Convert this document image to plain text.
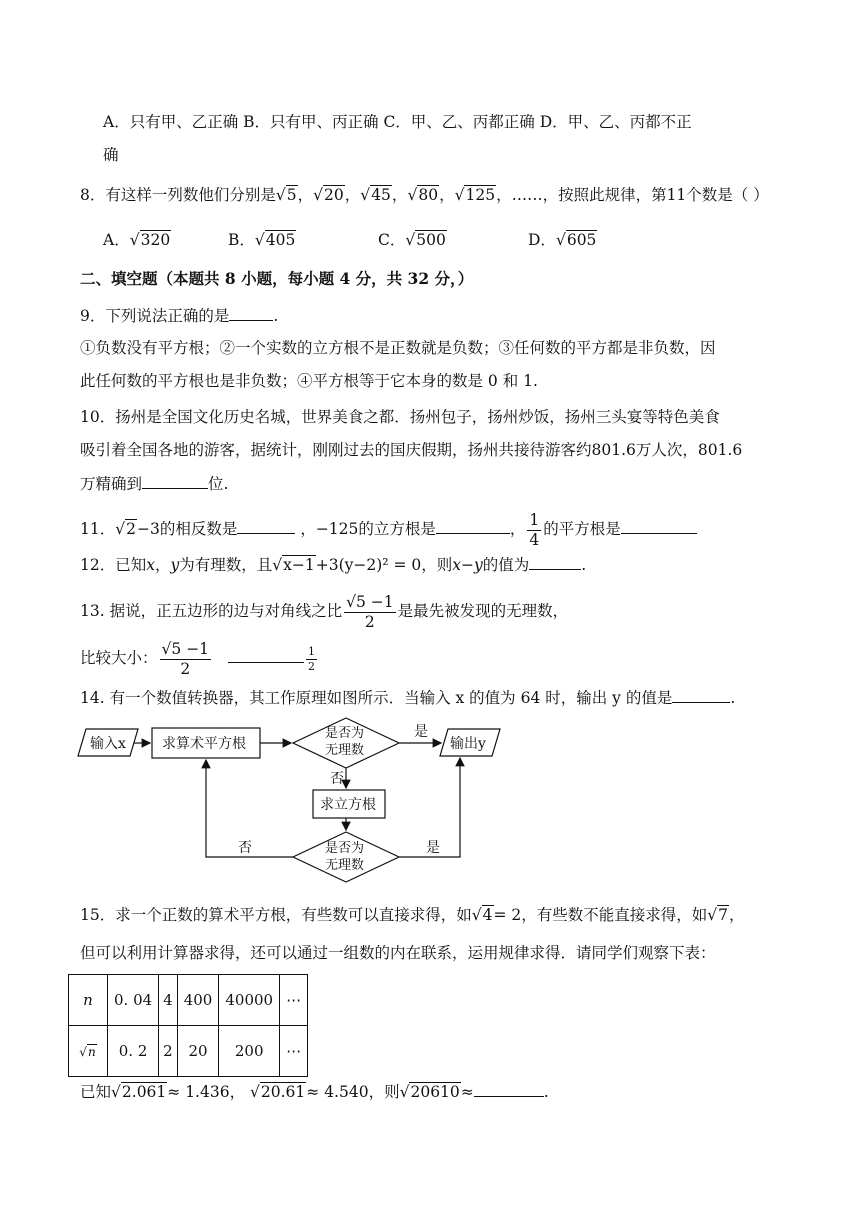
A．只有甲、乙正确 B．只有甲、丙正确 C．甲、乙、丙都正确 D．甲、乙、丙都不正
确
8．有这样一列数他们分别是√5，√20，√45，√80，√125，……，按照此规律，第11个数是（ ）
A．√320	B．√405	C．√500	D．√605
二、填空题（本题共 8 小题，每小题 4 分，共 32 分，）
9．下列说法正确的是	.
①负数没有平方根；②一个实数的立方根不是正数就是负数；③任何数的平方都是非负数，因
此任何数的平方根也是非负数；④平方根等于它本身的数是 0 和 1.
10．扬州是全国文化历史名城，世界美食之都．扬州包子，扬州炒饭，扬州三头宴等特色美食
吸引着全国各地的游客，据统计，刚刚过去的国庆假期，扬州共接待游客约801.6万人次，801.6
万精确到	位.
11．√2−3的相反数是	，−125的立方根是	， $\frac{1}{4}$ 的平方根是
12．已知x，y为有理数，且√x−1+3(y−2)² = 0，则x−y的值为	.
13. 据说，正五边形的边与对角线之比 $\frac{√5 -1}{2}$ 是最先被发现的无理数，
比较大小： $\frac{√5 -1}{2}$
	$\frac{1}{2}$
14. 有一个数值转换器，其工作原理如图所示．当输入 x 的值为 64 时，输出 y 的值是	.
输入x	求算术平方根
是否为
无理数
是
输出y
否
求立方根
是否为
无理数
否	是
15．求一个正数的算术平方根，有些数可以直接求得，如√4= 2，有些数不能直接求得，如√7，
但可以利用计算器求得，还可以通过一组数的内在联系，运用规律求得．请同学们观察下表：
n	0. 04	4	400	40000	⋯
√n	0. 2	2	20	200	⋯
已知√2.061≈ 1.436， √20.61≈ 4.540，则√20610≈	.
